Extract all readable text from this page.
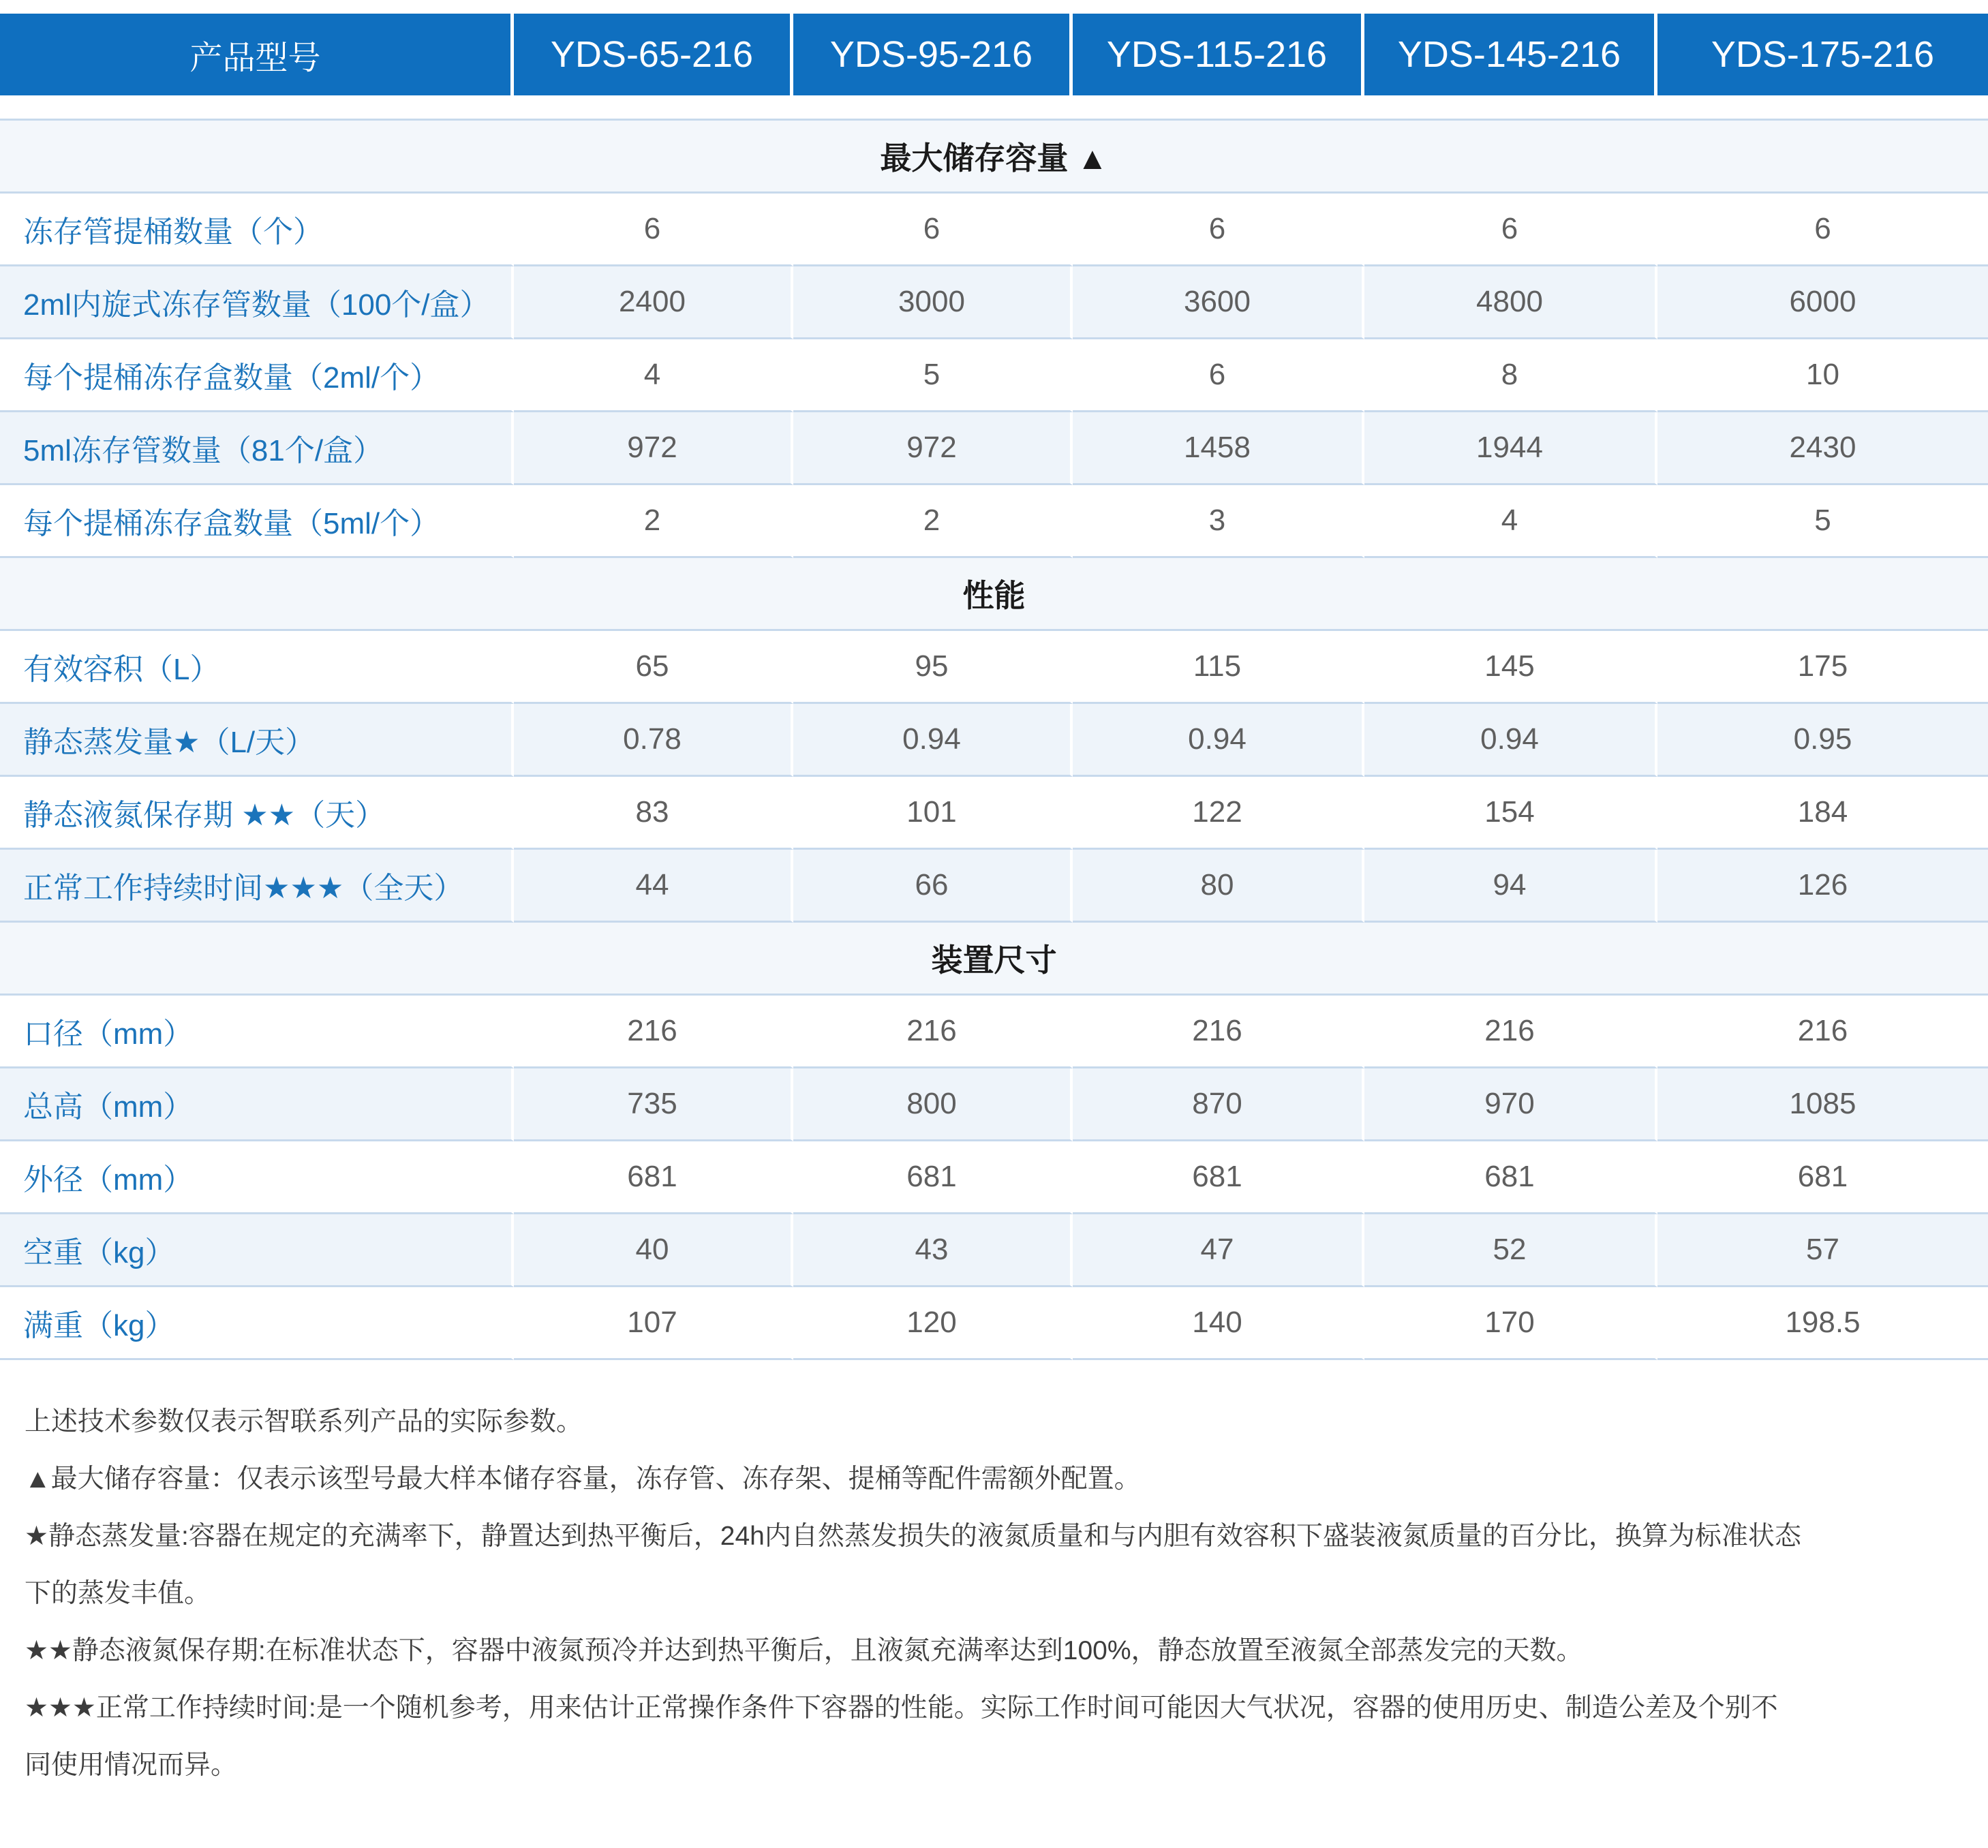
产品型号	YDS-65-216	YDS-95-216	YDS-115-216	YDS-145-216	YDS-175-216

最大储存容量 ▲					
冻存管提桶数量（个）	6	6	6	6	6
2ml内旋式冻存管数量（100个/盒）	2400	3000	3600	4800	6000
每个提桶冻存盒数量（2ml/个）	4	5	6	8	10
5ml冻存管数量（81个/盒）	972	972	1458	1944	2430
每个提桶冻存盒数量（5ml/个）	2	2	3	4	5
性能					
有效容积（L）	65	95	115	145	175
静态蒸发量★（L/天）	0.78	0.94	0.94	0.94	0.95
静态液氮保存期 ★★（天）	83	101	122	154	184
正常工作持续时间★★★（全天）	44	66	80	94	126
装置尺寸					
口径（mm）	216	216	216	216	216
总高（mm）	735	800	870	970	1085
外径（mm）	681	681	681	681	681
空重（kg）	40	43	47	52	57
满重（kg）	107	120	140	170	198.5

上述技术参数仅表示智联系列产品的实际参数。

▲最大储存容量：仅表示该型号最大样本储存容量，冻存管、冻存架、提桶等配件需额外配置。

★静态蒸发量:容器在规定的充满率下，静置达到热平衡后，24h内自然蒸发损失的液氮质量和与内胆有效容积下盛装液氮质量的百分比，换算为标准状态

下的蒸发丰值。

★★静态液氮保存期:在标准状态下，容器中液氮预冷并达到热平衡后，且液氮充满率达到100%，静态放置至液氮全部蒸发完的天数。

★★★正常工作持续时间:是一个随机参考，用来估计正常操作条件下容器的性能。实际工作时间可能因大气状况，容器的使用历史、制造公差及个别不

同使用情况而异。
